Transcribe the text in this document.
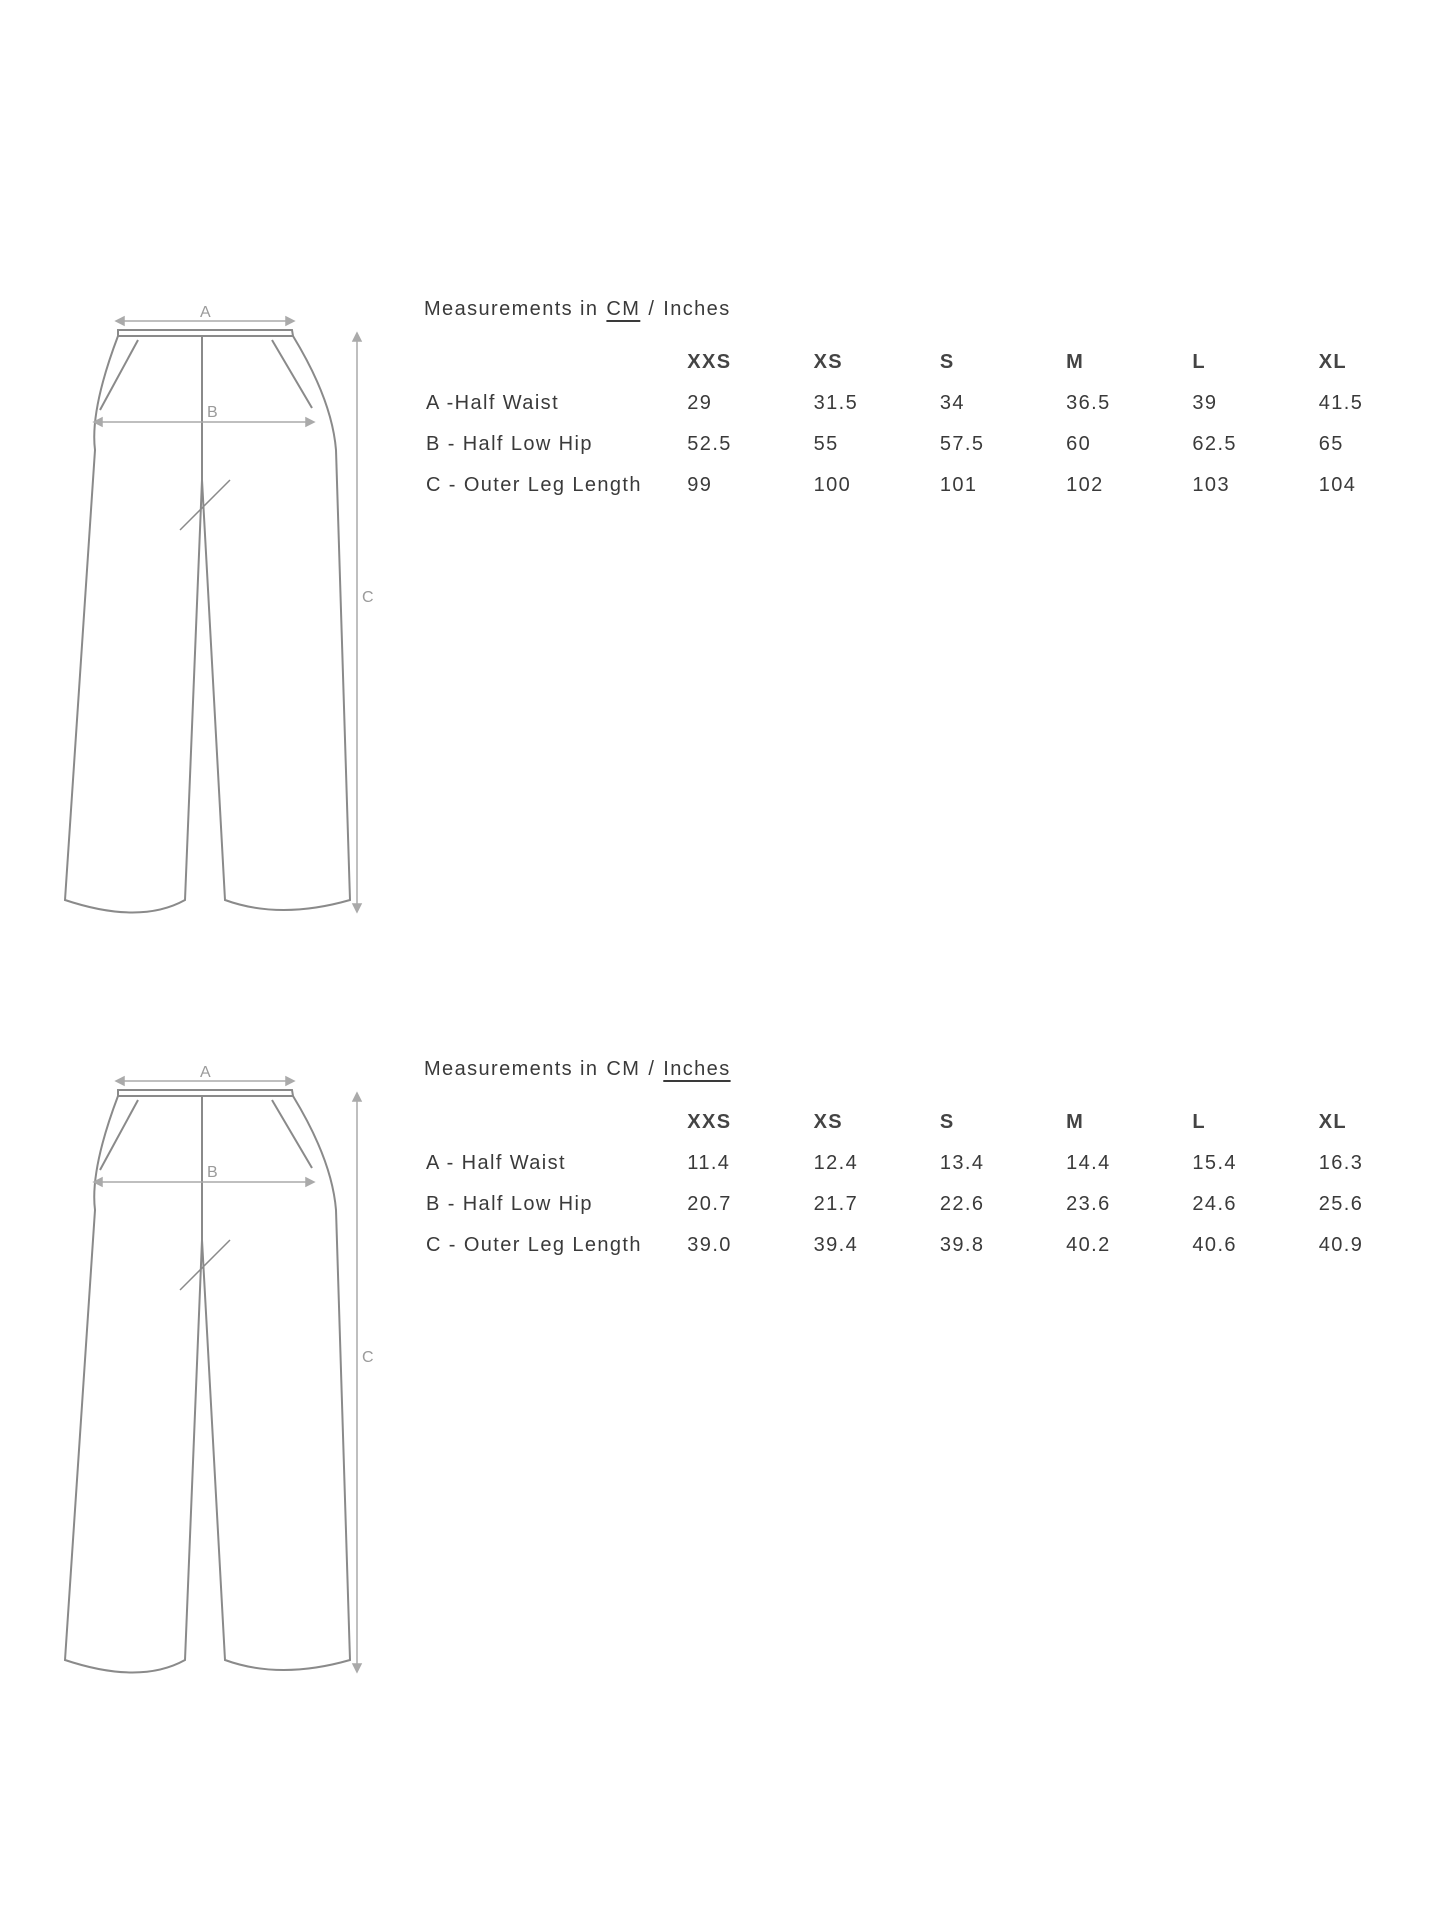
A
B
C
Measurements in CM / Inches
	XXS	XS	S	M	L	XL
A -Half Waist	29	31.5	34	36.5	39	41.5
B - Half Low Hip	52.5	55	57.5	60	62.5	65
C - Outer Leg Length	99	100	101	102	103	104
A
B
C
Measurements in CM / Inches
	XXS	XS	S	M	L	XL
A - Half Waist	11.4	12.4	13.4	14.4	15.4	16.3
B - Half Low Hip	20.7	21.7	22.6	23.6	24.6	25.6
C - Outer Leg Length	39.0	39.4	39.8	40.2	40.6	40.9
